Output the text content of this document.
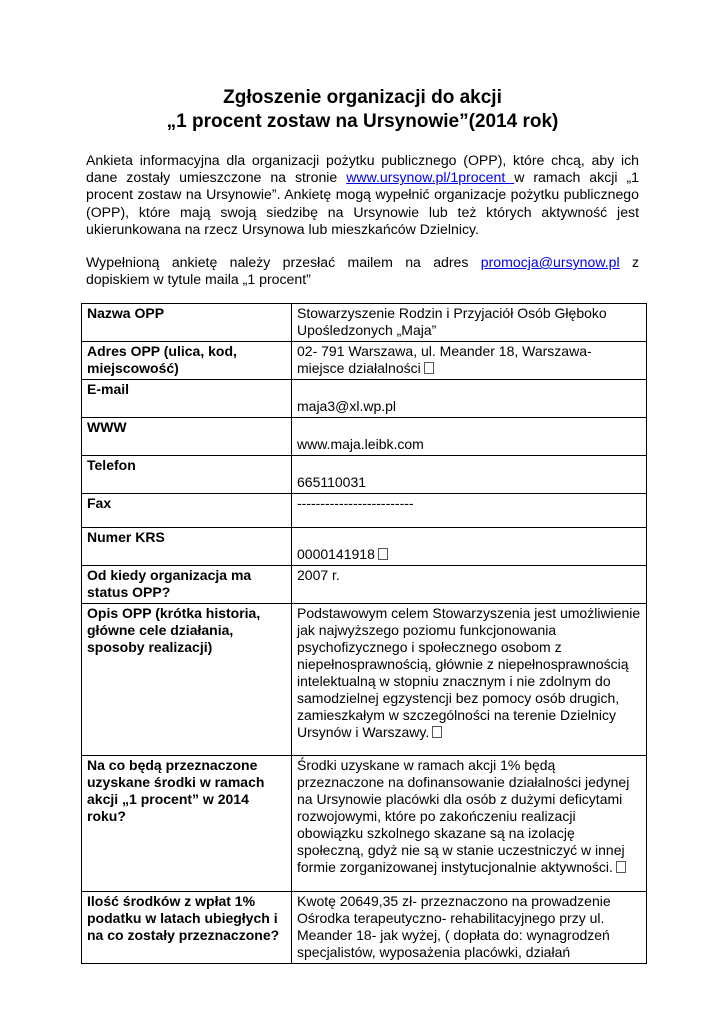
Zgłoszenie organizacji do akcji
„1 procent zostaw na Ursynowie”(2014 rok)
Ankieta informacyjna dla organizacji pożytku publicznego (OPP), które chcą, aby ich dane zostały umieszczone na stronie www.ursynow.pl/1procent w ramach akcji „1 procent zostaw na Ursynowie”. Ankietę mogą wypełnić organizacje pożytku publicznego (OPP), które mają swoją siedzibę na Ursynowie lub też których aktywność jest ukierunkowana na rzecz Ursynowa lub mieszkańców Dzielnicy.
Wypełnioną ankietę należy przesłać mailem na adres promocja@ursynow.pl z dopiskiem w tytule maila „1 procent”
Nazwa OPP	Stowarzyszenie Rodzin i Przyjaciół Osób Głęboko Upośledzonych „Maja”
Adres OPP (ulica, kod, miejscowość)	02- 791 Warszawa, ul. Meander 18, Warszawa- miejsce działalności
E-mail	maja3@xl.wp.pl
WWW	www.maja.leibk.com
Telefon	665110031
Fax	-------------------------
Numer KRS	0000141918
Od kiedy organizacja ma status OPP?	2007 r.
Opis OPP (krótka historia, główne cele działania, sposoby realizacji)	Podstawowym celem Stowarzyszenia jest umożliwienie jak najwyższego poziomu funkcjonowania psychofizycznego i społecznego osobom z niepełnosprawnością, głównie z niepełnosprawnością intelektualną w stopniu znacznym i nie zdolnym do samodzielnej egzystencji bez pomocy osób drugich, zamieszkałym w szczególności na terenie Dzielnicy Ursynów i Warszawy.
Na co będą przeznaczone uzyskane środki w ramach akcji „1 procent” w 2014 roku?	Środki uzyskane w ramach akcji 1% będą przeznaczone na dofinansowanie działalności jedynej na Ursynowie placówki dla osób z dużymi deficytami rozwojowymi, które po zakończeniu realizacji obowiązku szkolnego skazane są na izolację społeczną, gdyż nie są w stanie uczestniczyć w innej formie zorganizowanej instytucjonalnie aktywności.
Ilość środków z wpłat 1% podatku w latach ubiegłych i na co zostały przeznaczone?	Kwotę 20649,35 zł- przeznaczono na prowadzenie Ośrodka terapeutyczno- rehabilitacyjnego przy ul. Meander 18- jak wyżej, ( dopłata do: wynagrodzeń specjalistów, wyposażenia placówki, działań
